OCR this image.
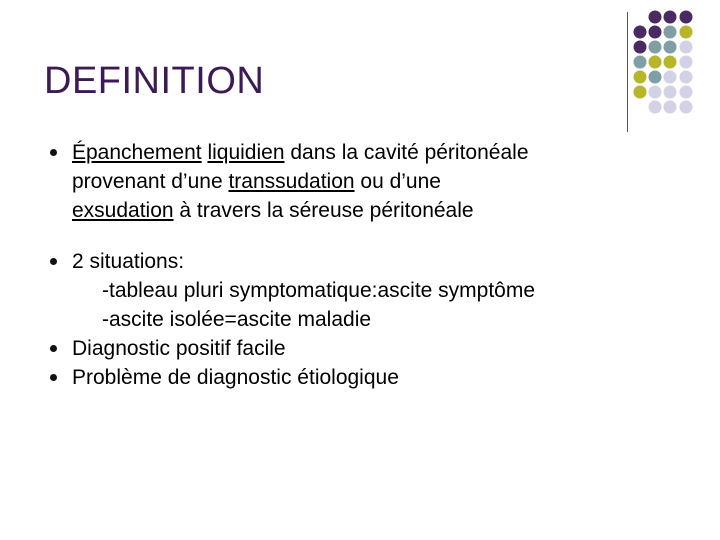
DEFINITION
Épanchement liquidien dans la cavité péritonéale
provenant d’une transsudation ou d’une
exsudation à travers la séreuse péritonéale
2 situations:
-tableau pluri symptomatique:ascite symptôme
-ascite isolée=ascite maladie
Diagnostic positif facile
Problème de diagnostic étiologique
